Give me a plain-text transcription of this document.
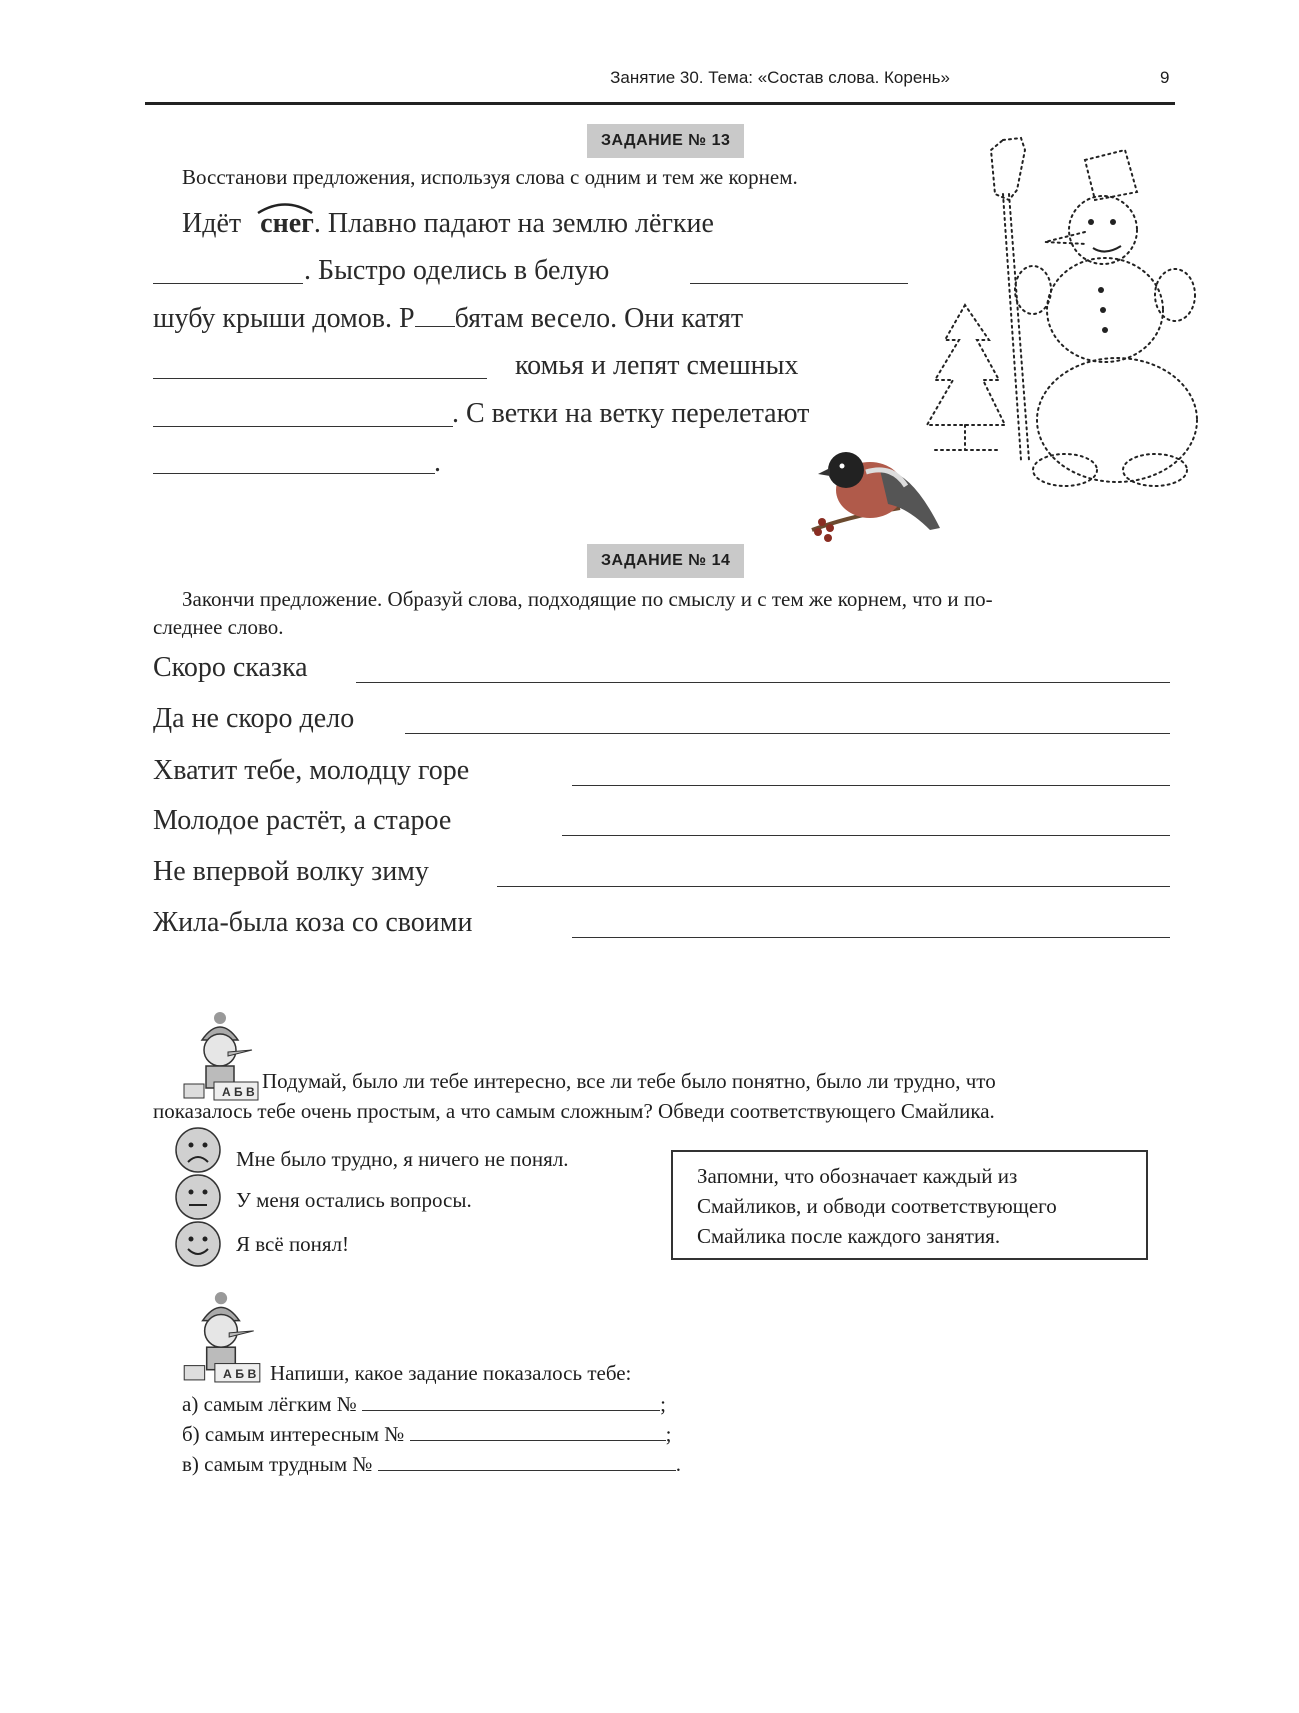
Занятие 30. Тема: «Состав слова. Корень»	9
ЗАДАНИЕ № 13
Восстанови предложения, используя слова с одним и тем же корнем.
Идёт снег. Плавно падают на землю лёгкие
. Быстро оделись в белую
шубу крыши домов. Р бятам весело. Они катят
комья и лепят смешных
. С ветки на ветку перелетают
.
ЗАДАНИЕ № 14
Закончи предложение. Образуй слова, подходящие по смыслу и с тем же корнем, что и по-
следнее слово.
Скоро сказка
Да не скоро дело
Хватит тебе, молодцу горе
Молодое растёт, а старое
Не впервой волку зиму
Жила-была коза со своими
А Б В Подумай, было ли тебе интересно, все ли тебе было понятно, было ли трудно, что
показалось тебе очень простым, а что самым сложным? Обведи соответствующего Смайлика.
Мне было трудно, я ничего не понял.
У меня остались вопросы.
Я всё понял!
Запомни, что обозначает каждый из
Смайликов, и обводи соответствующего
Смайлика после каждого занятия.
А Б В Напиши, какое задание показалось тебе:
а) самым лёгким №	;
б) самым интересным №	;
в) самым трудным №	.
